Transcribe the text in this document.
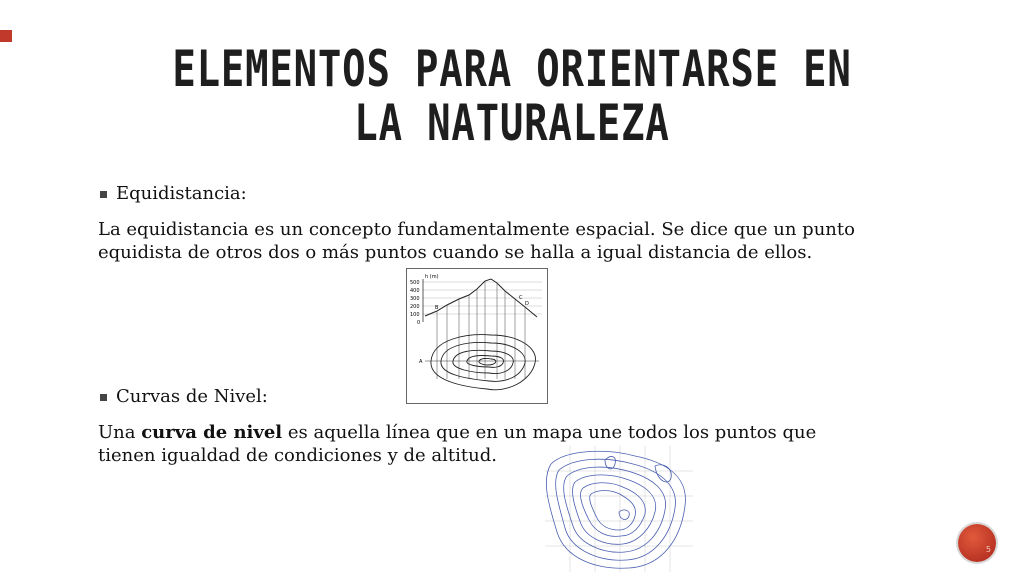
ELEMENTOS PARA ORIENTARSE EN LA NATURALEZA
Equidistancia:

La equidistancia es un concepto fundamentalmente espacial. Se dice que un punto equidista de otros dos o más puntos cuando se halla a igual distancia de ellos.

h (m)
500
400
300
200
100
0
A
B
C
D
Curvas de Nivel:

Una curva de nivel es aquella línea que en un mapa une todos los puntos que tienen igualdad de condiciones y de altitud.

5
